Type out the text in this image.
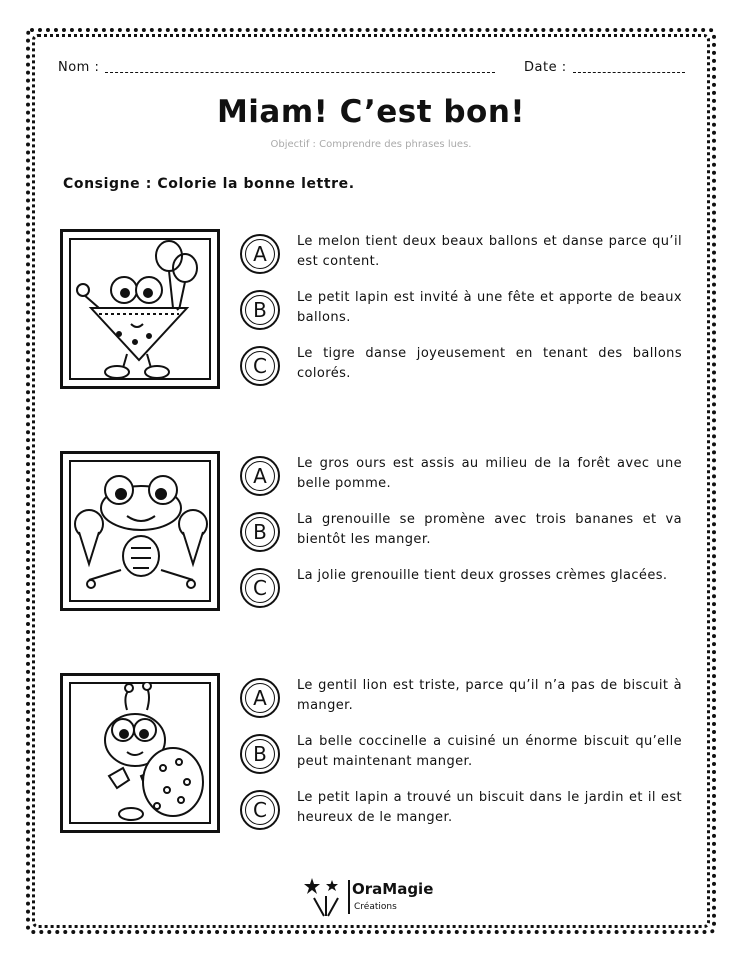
Nom :	Date :
Miam! C’est bon!
Objectif : Comprendre des phrases lues.
Consigne : Colorie la bonne lettre.
A
Le melon tient deux beaux ballons et danse parce qu’il est content.
B
Le petit lapin est invité à une fête et apporte de beaux ballons.
C
Le tigre danse joyeusement en tenant des ballons colorés.
A
Le gros ours est assis au milieu de la forêt avec une belle pomme.
B
La grenouille se promène avec trois bananes et va bientôt les manger.
C
La jolie grenouille tient deux grosses crèmes glacées.
A
Le gentil lion est triste, parce qu’il n’a pas de biscuit à manger.
B
La belle coccinelle a cuisiné un énorme biscuit qu’elle peut maintenant manger.
C
Le petit lapin a trouvé un biscuit dans le jardin et il est heureux de le manger.
OraMagie
Créations
